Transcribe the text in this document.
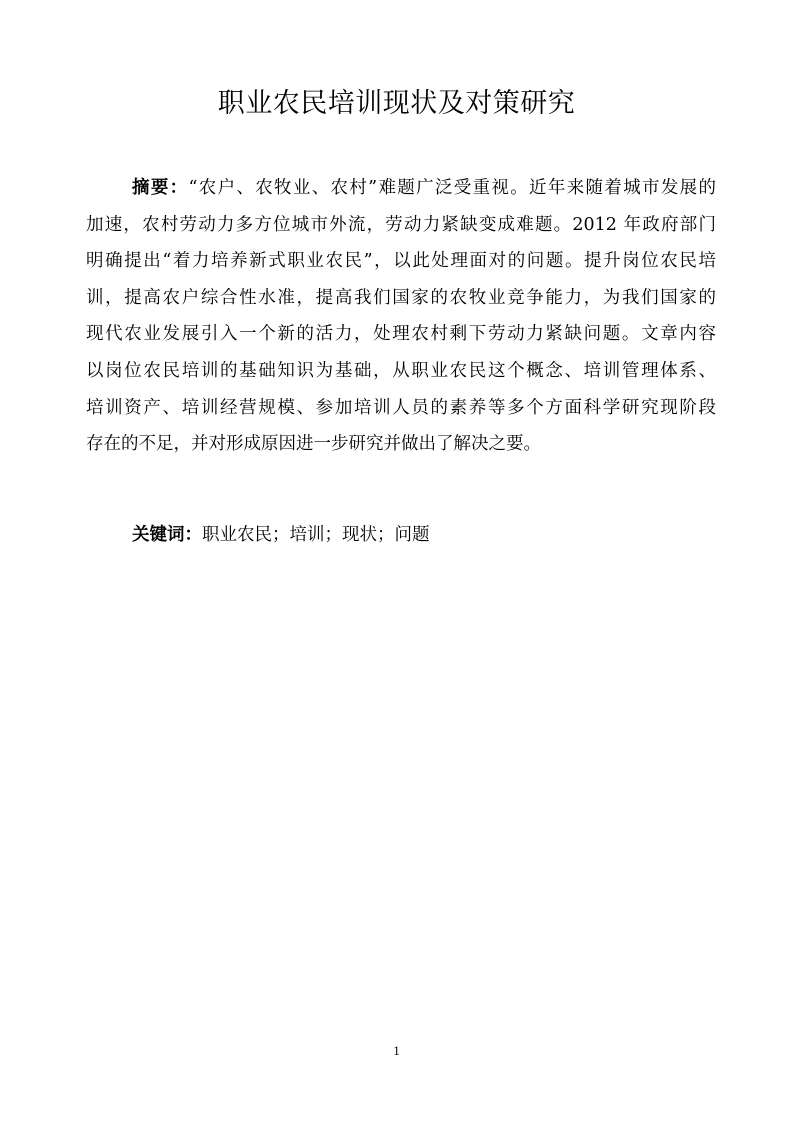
职业农民培训现状及对策研究
摘要：“农户、农牧业、农村”难题广泛受重视。近年来随着城市发展的
加速，农村劳动力多方位城市外流，劳动力紧缺变成难题。2012 年政府部门
明确提出“着力培养新式职业农民”，以此处理面对的问题。提升岗位农民培
训，提高农户综合性水准，提高我们国家的农牧业竞争能力，为我们国家的
现代农业发展引入一个新的活力，处理农村剩下劳动力紧缺问题。文章内容
以岗位农民培训的基础知识为基础，从职业农民这个概念、培训管理体系、
培训资产、培训经营规模、参加培训人员的素养等多个方面科学研究现阶段
存在的不足，并对形成原因进一步研究并做出了解决之要。

关键词：职业农民；培训；现状；问题

1
